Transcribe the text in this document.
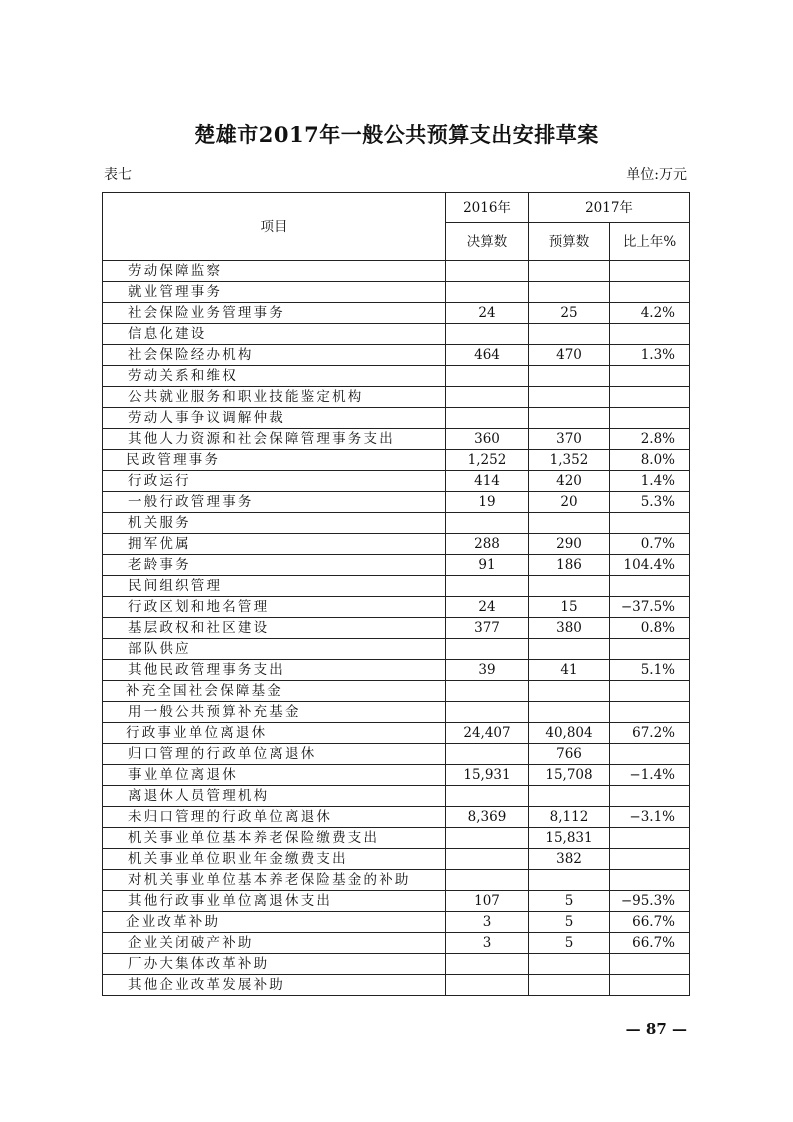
楚雄市2017年一般公共预算支出安排草案
表七	单位:万元
项目	2016年	2017年	
	决算数	预算数	比上年%
劳动保障监察			
就业管理事务			
社会保险业务管理事务	24	25	4.2%
信息化建设			
社会保险经办机构	464	470	1.3%
劳动关系和维权			
公共就业服务和职业技能鉴定机构			
劳动人事争议调解仲裁			
其他人力资源和社会保障管理事务支出	360	370	2.8%
民政管理事务	1,252	1,352	8.0%
行政运行	414	420	1.4%
一般行政管理事务	19	20	5.3%
机关服务			
拥军优属	288	290	0.7%
老龄事务	91	186	104.4%
民间组织管理			
行政区划和地名管理	24	15	−37.5%
基层政权和社区建设	377	380	0.8%
部队供应			
其他民政管理事务支出	39	41	5.1%
补充全国社会保障基金			
用一般公共预算补充基金			
行政事业单位离退休	24,407	40,804	67.2%
归口管理的行政单位离退休		766	
事业单位离退休	15,931	15,708	−1.4%
离退休人员管理机构			
未归口管理的行政单位离退休	8,369	8,112	−3.1%
机关事业单位基本养老保险缴费支出		15,831	
机关事业单位职业年金缴费支出		382	
对机关事业单位基本养老保险基金的补助			
其他行政事业单位离退休支出	107	5	−95.3%
企业改革补助	3	5	66.7%
企业关闭破产补助	3	5	66.7%
厂办大集体改革补助			
其他企业改革发展补助			
— 87 —
